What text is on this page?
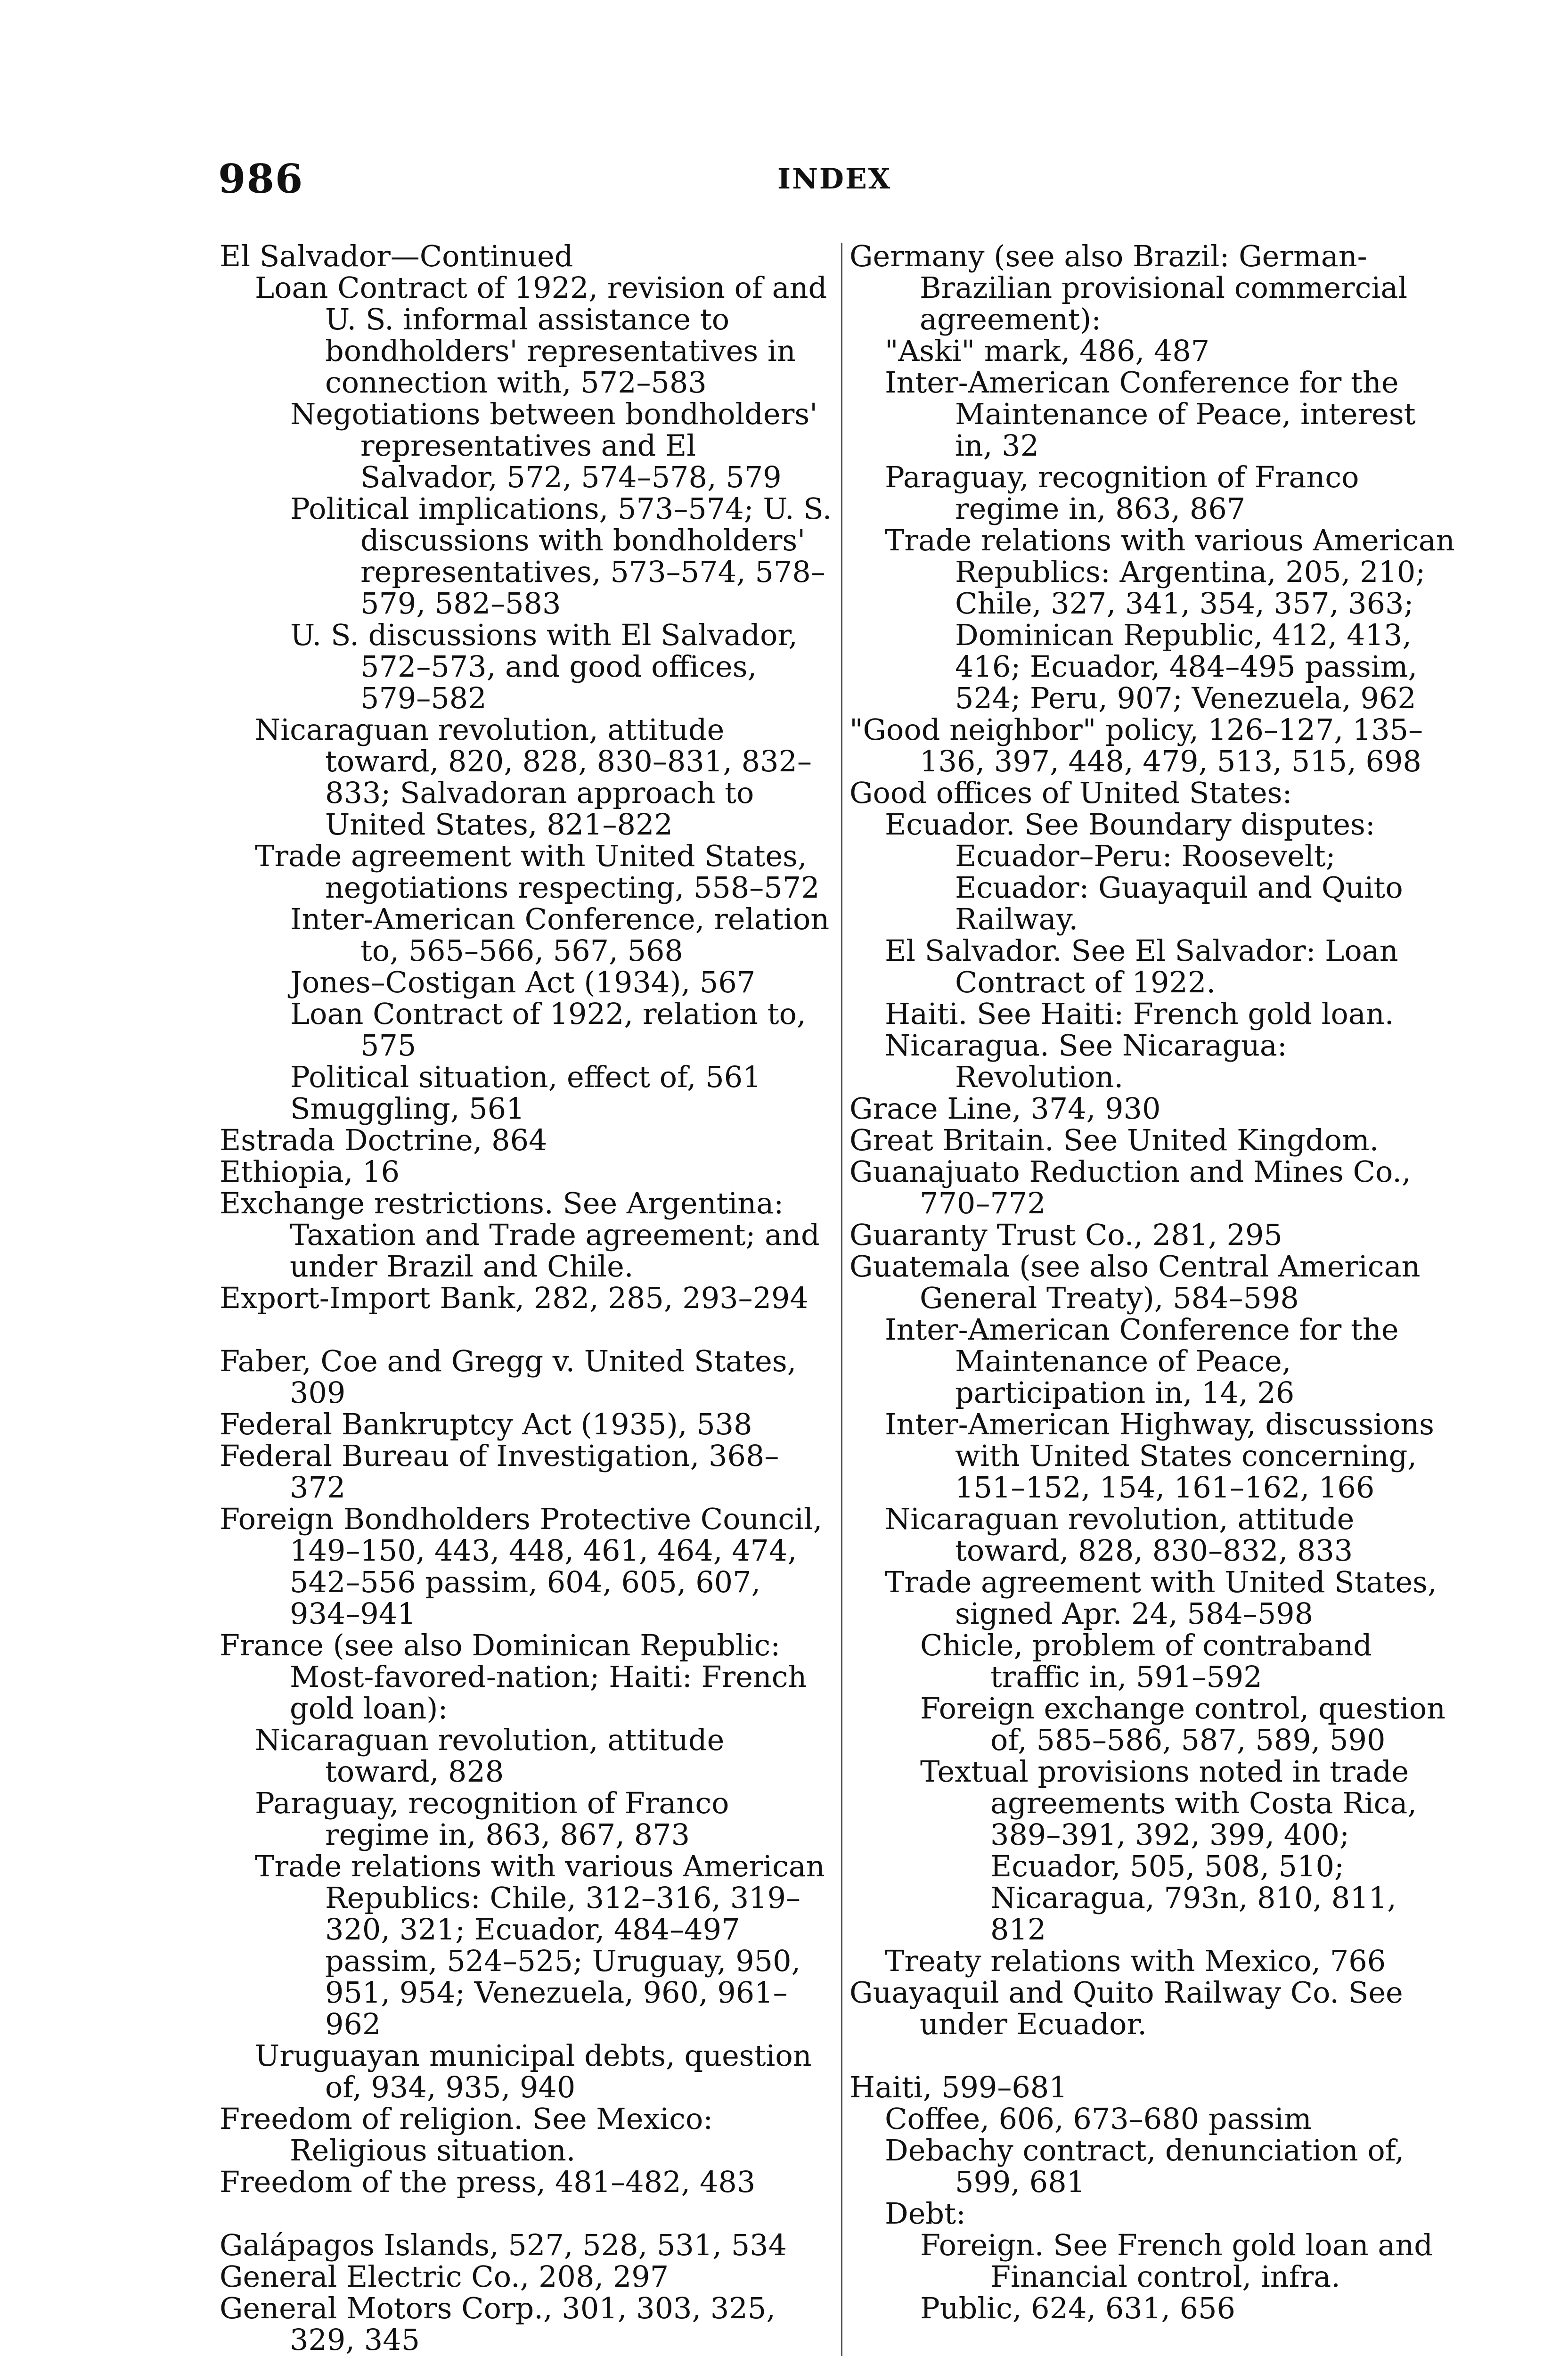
986	INDEX
El Salvador—Continued
Loan Contract of 1922, revision of and U. S. informal assistance to bondholders' representatives in connection with, 572–583
Negotiations between bondholders' representatives and El Salvador, 572, 574–578, 579
Political implications, 573–574; U. S. discussions with bondholders' representatives, 573–574, 578–579, 582–583
U. S. discussions with El Salvador, 572–573, and good offices, 579–582
Nicaraguan revolution, attitude toward, 820, 828, 830–831, 832–833; Salvadoran approach to United States, 821–822
Trade agreement with United States, negotiations respecting, 558–572
Inter-American Conference, relation to, 565–566, 567, 568
Jones–Costigan Act (1934), 567
Loan Contract of 1922, relation to, 575
Political situation, effect of, 561
Smuggling, 561
Estrada Doctrine, 864
Ethiopia, 16
Exchange restrictions. See Argentina: Taxation and Trade agreement; and under Brazil and Chile.
Export-Import Bank, 282, 285, 293–294
Faber, Coe and Gregg v. United States, 309
Federal Bankruptcy Act (1935), 538
Federal Bureau of Investigation, 368–372
Foreign Bondholders Protective Council, 149–150, 443, 448, 461, 464, 474, 542–556 passim, 604, 605, 607, 934–941
France (see also Dominican Republic: Most-favored-nation; Haiti: French gold loan):
Nicaraguan revolution, attitude toward, 828
Paraguay, recognition of Franco regime in, 863, 867, 873
Trade relations with various American Republics: Chile, 312–316, 319–320, 321; Ecuador, 484–497 passim, 524–525; Uruguay, 950, 951, 954; Venezuela, 960, 961–962
Uruguayan municipal debts, question of, 934, 935, 940
Freedom of religion. See Mexico: Religious situation.
Freedom of the press, 481–482, 483
Galápagos Islands, 527, 528, 531, 534
General Electric Co., 208, 297
General Motors Corp., 301, 303, 325, 329, 345
Germany (see also Brazil: German-Brazilian provisional commercial agreement):
"Aski" mark, 486, 487
Inter-American Conference for the Maintenance of Peace, interest in, 32
Paraguay, recognition of Franco regime in, 863, 867
Trade relations with various American Republics: Argentina, 205, 210; Chile, 327, 341, 354, 357, 363; Dominican Republic, 412, 413, 416; Ecuador, 484–495 passim, 524; Peru, 907; Venezuela, 962
"Good neighbor" policy, 126–127, 135–136, 397, 448, 479, 513, 515, 698
Good offices of United States:
Ecuador. See Boundary disputes: Ecuador–Peru: Roosevelt; Ecuador: Guayaquil and Quito Railway.
El Salvador. See El Salvador: Loan Contract of 1922.
Haiti. See Haiti: French gold loan.
Nicaragua. See Nicaragua: Revolution.
Grace Line, 374, 930
Great Britain. See United Kingdom.
Guanajuato Reduction and Mines Co., 770–772
Guaranty Trust Co., 281, 295
Guatemala (see also Central American General Treaty), 584–598
Inter-American Conference for the Maintenance of Peace, participation in, 14, 26
Inter-American Highway, discussions with United States concerning, 151–152, 154, 161–162, 166
Nicaraguan revolution, attitude toward, 828, 830–832, 833
Trade agreement with United States, signed Apr. 24, 584–598
Chicle, problem of contraband traffic in, 591–592
Foreign exchange control, question of, 585–586, 587, 589, 590
Textual provisions noted in trade agreements with Costa Rica, 389–391, 392, 399, 400; Ecuador, 505, 508, 510; Nicaragua, 793n, 810, 811, 812
Treaty relations with Mexico, 766
Guayaquil and Quito Railway Co. See under Ecuador.
Haiti, 599–681
Coffee, 606, 673–680 passim
Debachy contract, denunciation of, 599, 681
Debt:
Foreign. See French gold loan and Financial control, infra.
Public, 624, 631, 656
